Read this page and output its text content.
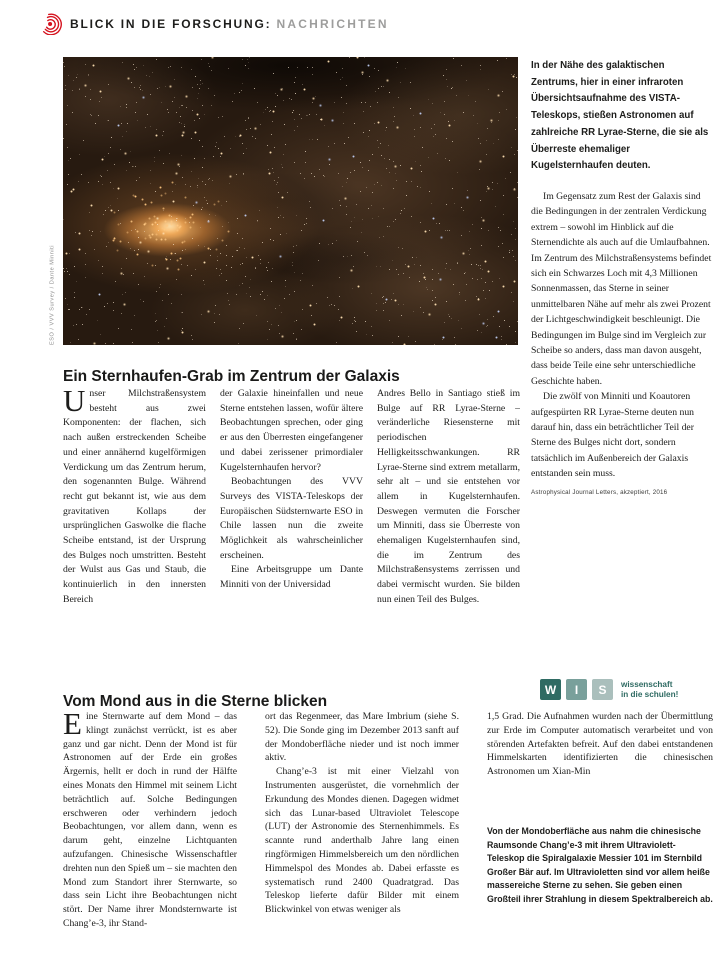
BLICK IN DIE FORSCHUNG: NACHRICHTEN
ESO / VVV Survey / Dante Minniti
Ein Sternhaufen-Grab im Zentrum der Galaxis

Unser Milchstraßensystem besteht aus zwei Komponenten: der flachen, sich nach außen erstreckenden Scheibe und einer annähernd kugelförmigen Verdickung um das Zentrum herum, den sogenannten Bulge. Während recht gut bekannt ist, wie aus dem gravitativen Kollaps der ursprünglichen Gaswolke die flache Scheibe entstand, ist der Ursprung des Bulges noch umstritten. Besteht der Wulst aus Gas und Staub, die kontinuierlich in den innersten Bereich

der Galaxie hineinfallen und neue Sterne entstehen lassen, wofür ältere Beobachtungen sprechen, oder ging er aus den Überresten eingefangener und dabei zerissener primordialer Kugelsternhaufen hervor?

Beobachtungen des VVV Surveys des VISTA-Teleskops der Europäischen Südsternwarte ESO in Chile lassen nun die zweite Möglichkeit als wahrscheinlicher erscheinen.

Eine Arbeitsgruppe um Dante Minniti von der Universidad

Andres Bello in Santiago stieß im Bulge auf RR Lyrae-Sterne – veränderliche Riesensterne mit periodischen Helligkeitsschwankungen. RR Lyrae-Sterne sind extrem metallarm, sehr alt – und sie entstehen vor allem in Kugelsternhaufen. Deswegen vermuten die Forscher um Minniti, dass sie Überreste von ehemaligen Kugelsternhaufen sind, die im Zentrum des Milchstraßensystems zerrissen und dabei vermischt wurden. Sie bilden nun einen Teil des Bulges.

In der Nähe des galaktischen Zentrums, hier in einer infraroten Übersichtsaufnahme des VISTA-Teleskops, stießen Astronomen auf zahlreiche RR Lyrae-Sterne, die sie als Überreste ehemaliger Kugelsternhaufen deuten.

Im Gegensatz zum Rest der Galaxis sind die Bedingungen in der zentralen Verdickung extrem – sowohl im Hinblick auf die Sternendichte als auch auf die Umlaufbahnen. Im Zentrum des Milchstraßensystems befindet sich ein Schwarzes Loch mit 4,3 Millionen Sonnenmassen, das Sterne in seiner unmittelbaren Nähe auf mehr als zwei Prozent der Lichtgeschwindigkeit beschleunigt. Die Bedingungen im Bulge sind im Vergleich zur Scheibe so anders, dass man davon ausgeht, dass beide Teile eine sehr unterschiedliche Geschichte haben.

Die zwölf von Minniti und Koautoren aufgespürten RR Lyrae-Sterne deuten nun darauf hin, dass ein beträchtlicher Teil der Sterne des Bulges nicht dort, sondern tatsächlich im Außenbereich der Galaxis entstanden sein muss.

Astrophysical Journal Letters, akzeptiert, 2016
Vom Mond aus in die Sterne blicken
W	I	S	wissenschaft
in die schulen!

Eine Sternwarte auf dem Mond – das klingt zunächst verrückt, ist es aber ganz und gar nicht. Denn der Mond ist für Astronomen auf der Erde ein großes Ärgernis, hellt er doch in rund der Hälfte eines Monats den Himmel mit seinem Licht beträchtlich auf. Solche Bedingungen erschweren oder verhindern jedoch Beobachtungen, vor allem dann, wenn es darum geht, einzelne Lichtquanten aufzufangen. Chinesische Wissenschaftler drehten nun den Spieß um – sie machten den Mond zum Standort ihrer Sternwarte, so dass sein Licht ihre Beobachtungen nicht stört. Der Name ihrer Mondsternwarte ist Chang’e-3, ihr Stand-

ort das Regenmeer, das Mare Imbrium (siehe S. 52). Die Sonde ging im Dezember 2013 sanft auf der Mondoberfläche nieder und ist noch immer aktiv.

Chang’e-3 ist mit einer Vielzahl von Instrumenten ausgerüstet, die vornehmlich der Erkundung des Mondes dienen. Dagegen widmet sich das Lunar-based Ultraviolet Telescope (LUT) der Astronomie des Sternenhimmels. Es scannte rund anderthalb Jahre lang einen ringförmigen Himmelsbereich um den nördlichen Himmelspol des Mondes ab. Dabei erfasste es systematisch rund 2400 Quadratgrad. Das Teleskop lieferte dafür Bilder mit einem Blickwinkel von etwas weniger als

1,5 Grad. Die Aufnahmen wurden nach der Übermittlung zur Erde im Computer automatisch verarbeitet und von störenden Artefakten befreit. Auf den dabei entstandenen Himmelskarten identifizierten die chinesischen Astronomen um Xian-Min

Von der Mondoberfläche aus nahm die chinesische Raumsonde Chang’e-3 mit ihrem Ultraviolett-Teleskop die Spiralgalaxie Messier 101 im Sternbild Großer Bär auf. Im Ultravioletten sind vor allem heiße massereiche Sterne zu sehen. Sie geben einen Großteil ihrer Strahlung in diesem Spektralbereich ab.
